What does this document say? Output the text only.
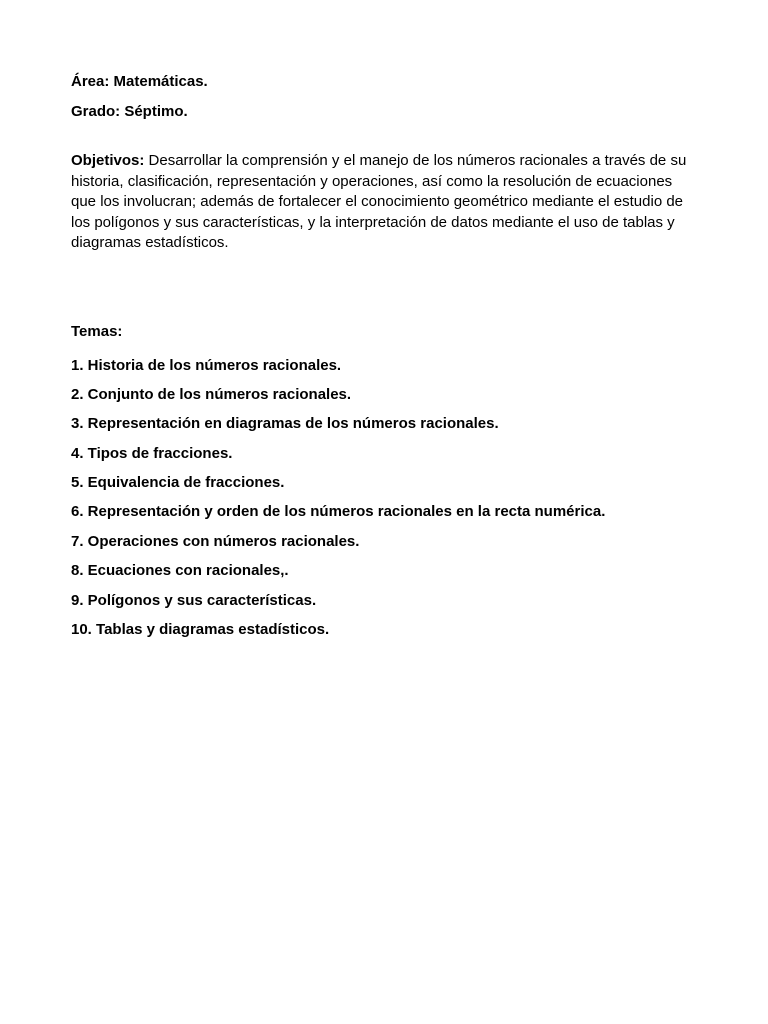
Área: Matemáticas.

Grado: Séptimo.

Objetivos: Desarrollar la comprensión y el manejo de los números racionales a través de su historia, clasificación, representación y operaciones, así como la resolución de ecuaciones que los involucran; además de fortalecer el conocimiento geométrico mediante el estudio de los polígonos y sus características, y la interpretación de datos mediante el uso de tablas y diagramas estadísticos.

Temas:

1. Historia de los números racionales.
2. Conjunto de los números racionales.
3. Representación en diagramas de los números racionales.
4. Tipos de fracciones.
5. Equivalencia de fracciones.
6. Representación y orden de los números racionales en la recta numérica.
7. Operaciones con números racionales.
8. Ecuaciones con racionales,.
9. Polígonos y sus características.
10. Tablas y diagramas estadísticos.
